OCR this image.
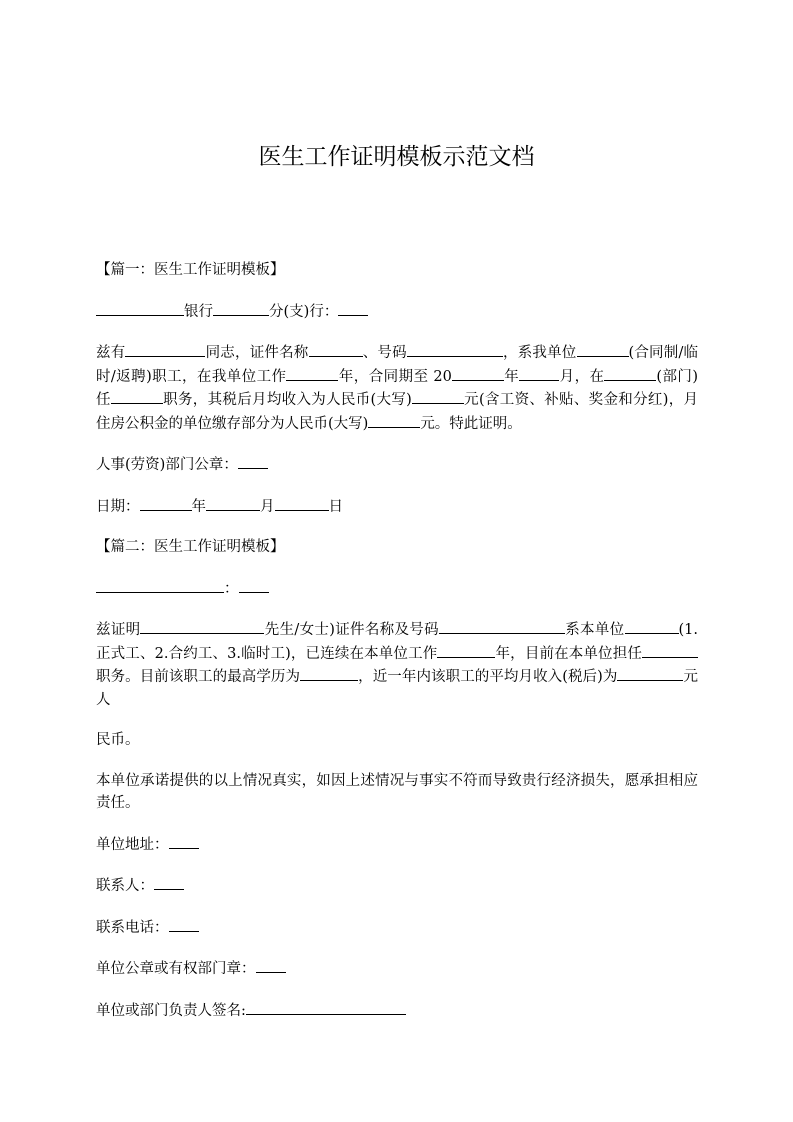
医生工作证明模板示范文档

【篇一：医生工作证明模板】

银行	分(支)行：

兹有	同志，证件名称	、号码	，系我单位	(合同制/临时/返聘)职工，在我单位工作	年，合同期至 20	年	月，在	(部门)任	职务，其税后月均收入为人民币(大写)	元(含工资、补贴、奖金和分红)，月住房公积金的单位缴存部分为人民币(大写)	元。特此证明。

人事(劳资)部门公章：

日期：	年	月	日

【篇二：医生工作证明模板】

：

兹证明	先生/女士)证件名称及号码	系本单位	(1.正式工、2.合约工、3.临时工)，已连续在本单位工作	年，目前在本单位担任职务。目前该职工的最高学历为	，近一年内该职工的平均月收入(税后)为	元人

民币。

本单位承诺提供的以上情况真实，如因上述情况与事实不符而导致贵行经济损失，愿承担相应责任。

单位地址：

联系人：

联系电话：

单位公章或有权部门章：

单位或部门负责人签名:
